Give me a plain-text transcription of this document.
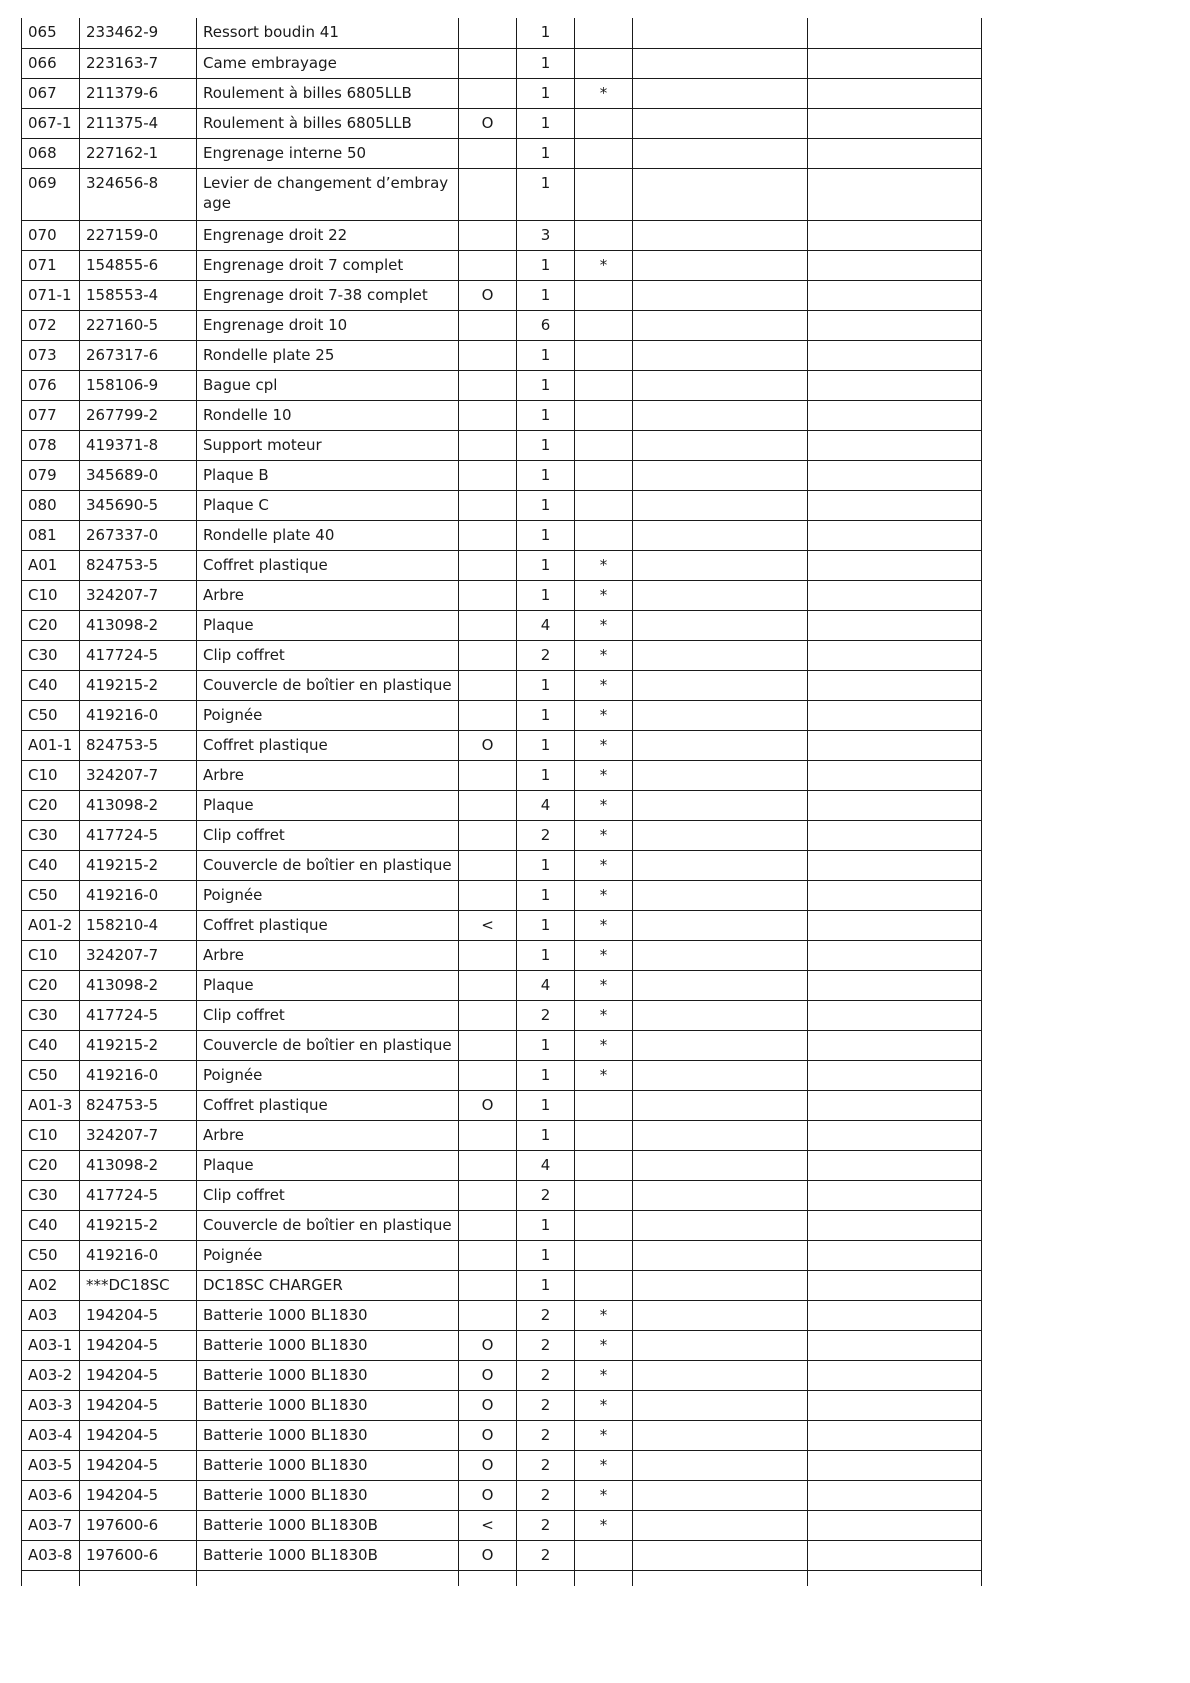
065	233462-9	Ressort boudin 41		1			
066	223163-7	Came embrayage		1			
067	211379-6	Roulement à billes 6805LLB		1	*		
067-1	211375-4	Roulement à billes 6805LLB	O	1			
068	227162-1	Engrenage interne 50		1			
069	324656-8	Levier de changement d’embrayage		1			
070	227159-0	Engrenage droit 22		3			
071	154855-6	Engrenage droit 7 complet		1	*		
071-1	158553-4	Engrenage droit 7-38 complet	O	1			
072	227160-5	Engrenage droit 10		6			
073	267317-6	Rondelle plate 25		1			
076	158106-9	Bague cpl		1			
077	267799-2	Rondelle 10		1			
078	419371-8	Support moteur		1			
079	345689-0	Plaque B		1			
080	345690-5	Plaque C		1			
081	267337-0	Rondelle plate 40		1			
A01	824753-5	Coffret plastique		1	*		
C10	324207-7	Arbre		1	*		
C20	413098-2	Plaque		4	*		
C30	417724-5	Clip coffret		2	*		
C40	419215-2	Couvercle de boîtier en plastique		1	*		
C50	419216-0	Poignée		1	*		
A01-1	824753-5	Coffret plastique	O	1	*		
C10	324207-7	Arbre		1	*		
C20	413098-2	Plaque		4	*		
C30	417724-5	Clip coffret		2	*		
C40	419215-2	Couvercle de boîtier en plastique		1	*		
C50	419216-0	Poignée		1	*		
A01-2	158210-4	Coffret plastique	<	1	*		
C10	324207-7	Arbre		1	*		
C20	413098-2	Plaque		4	*		
C30	417724-5	Clip coffret		2	*		
C40	419215-2	Couvercle de boîtier en plastique		1	*		
C50	419216-0	Poignée		1	*		
A01-3	824753-5	Coffret plastique	O	1			
C10	324207-7	Arbre		1			
C20	413098-2	Plaque		4			
C30	417724-5	Clip coffret		2			
C40	419215-2	Couvercle de boîtier en plastique		1			
C50	419216-0	Poignée		1			
A02	***DC18SC	DC18SC CHARGER		1			
A03	194204-5	Batterie 1000 BL1830		2	*		
A03-1	194204-5	Batterie 1000 BL1830	O	2	*		
A03-2	194204-5	Batterie 1000 BL1830	O	2	*		
A03-3	194204-5	Batterie 1000 BL1830	O	2	*		
A03-4	194204-5	Batterie 1000 BL1830	O	2	*		
A03-5	194204-5	Batterie 1000 BL1830	O	2	*		
A03-6	194204-5	Batterie 1000 BL1830	O	2	*		
A03-7	197600-6	Batterie 1000 BL1830B	<	2	*		
A03-8	197600-6	Batterie 1000 BL1830B	O	2			
